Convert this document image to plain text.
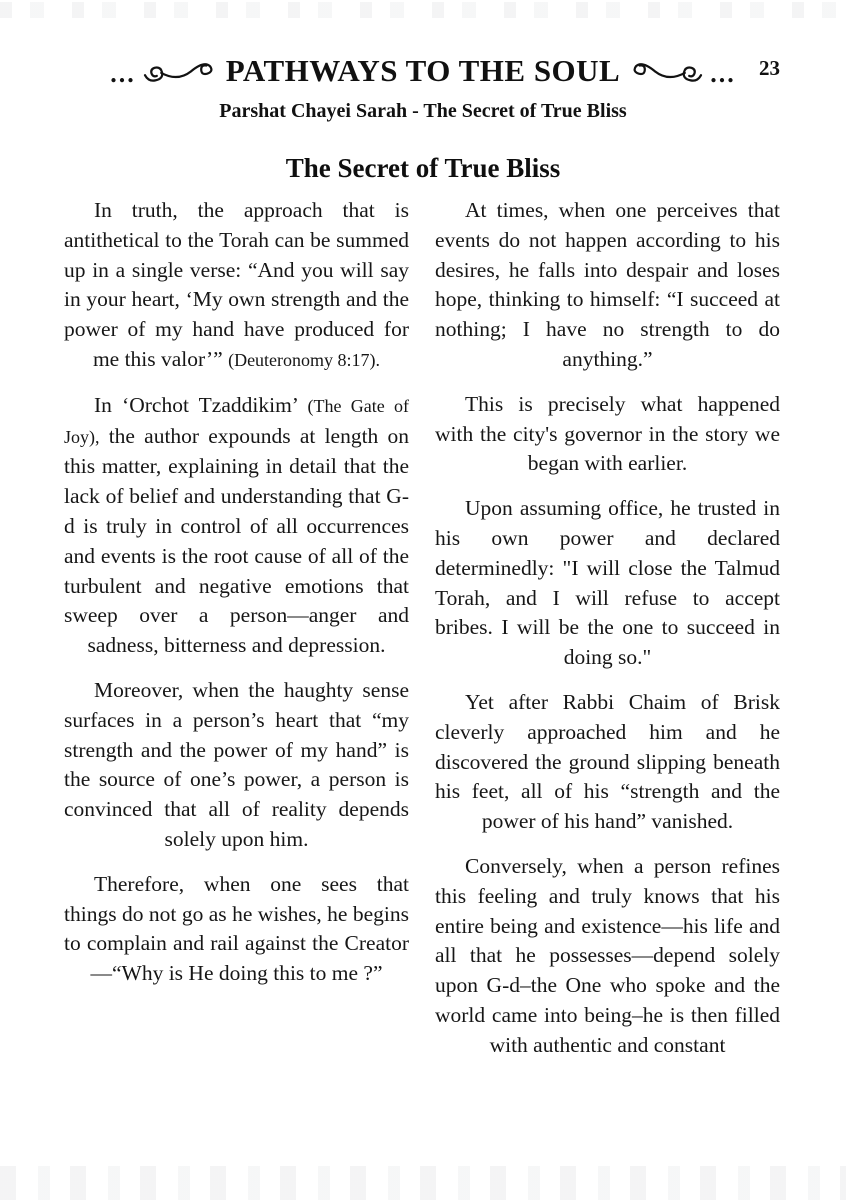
...	PATHWAYS TO THE SOUL	... 23
Parshat Chayei Sarah - The Secret of True Bliss
The Secret of True Bliss

In truth, the approach that is antithetical to the Torah can be summed up in a single verse: “And you will say in your heart, ‘My own strength and the power of my hand have produced for me this valor’” (Deuteronomy 8:17).

In ‘Orchot Tzaddikim’ (The Gate of Joy), the author expounds at length on this matter, explaining in detail that the lack of belief and understanding that G-d is truly in control of all occurrences and events is the root cause of all of the turbulent and negative emotions that sweep over a person—anger and sadness, bitterness and depression.

Moreover, when the haughty sense surfaces in a person’s heart that “my strength and the power of my hand” is the source of one’s power, a person is convinced that all of reality depends solely upon him.

Therefore, when one sees that things do not go as he wishes, he begins to complain and rail against the Creator—“Why is He doing this to me ?”

At times, when one perceives that events do not happen according to his desires, he falls into despair and loses hope, thinking to himself: “I succeed at nothing; I have no strength to do anything.”

This is precisely what happened with the city's governor in the story we began with earlier.

Upon assuming office, he trusted in his own power and declared determinedly: "I will close the Talmud Torah, and I will refuse to accept bribes. I will be the one to succeed in doing so."

Yet after Rabbi Chaim of Brisk cleverly approached him and he discovered the ground slipping beneath his feet, all of his “strength and the power of his hand” vanished.

Conversely, when a person refines this feeling and truly knows that his entire being and existence—his life and all that he possesses—depend solely upon G-d–the One who spoke and the world came into being–he is then filled with authentic and constant
